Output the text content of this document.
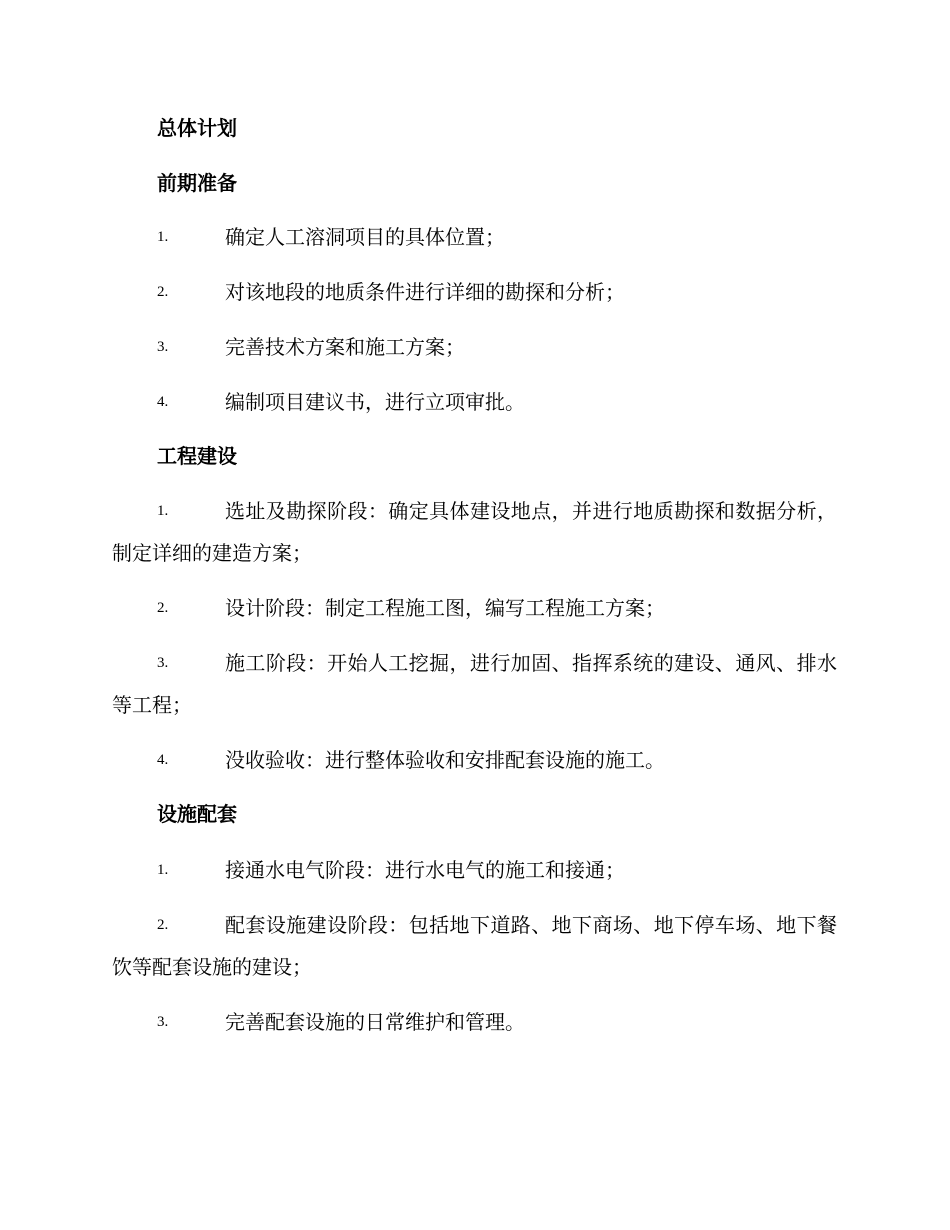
总体计划
前期准备
1.	确定人工溶洞项目的具体位置；
2.	对该地段的地质条件进行详细的勘探和分析；
3.	完善技术方案和施工方案；
4.	编制项目建议书，进行立项审批。
工程建设
1.	选址及勘探阶段：确定具体建设地点，并进行地质勘探和数据分析，制定详细的建造方案；
2.	设计阶段：制定工程施工图，编写工程施工方案；
3.	施工阶段：开始人工挖掘，进行加固、指挥系统的建设、通风、排水等工程；
4.	没收验收：进行整体验收和安排配套设施的施工。
设施配套
1.	接通水电气阶段：进行水电气的施工和接通；
2.	配套设施建设阶段：包括地下道路、地下商场、地下停车场、地下餐饮等配套设施的建设；
3.	完善配套设施的日常维护和管理。
